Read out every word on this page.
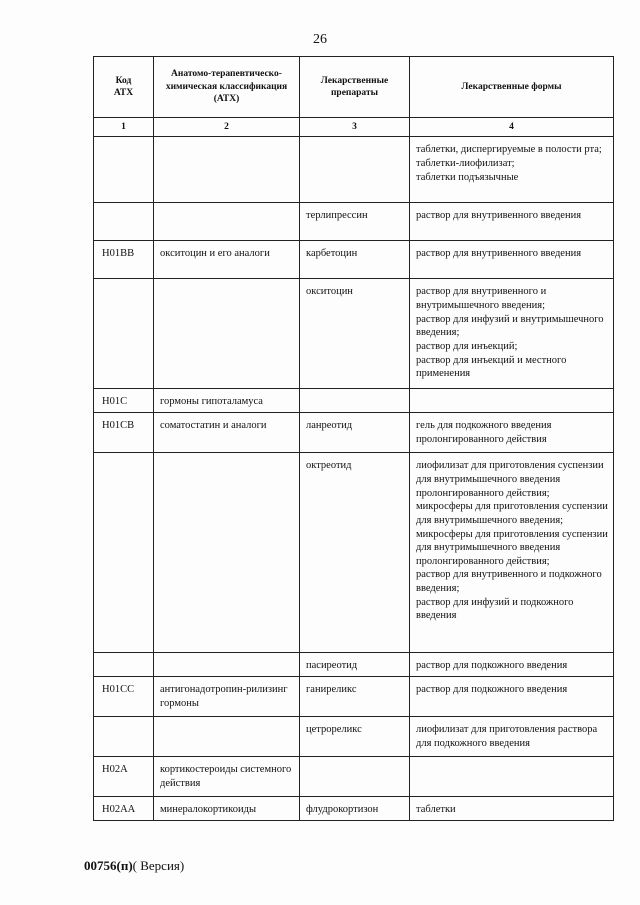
26
Код
АТХ	Анатомо-терапевтическо-химическая классификация (АТХ)	Лекарственные препараты	Лекарственные формы
1	2	3	4
			таблетки, диспергируемые в полости рта;
таблетки-лиофилизат;
таблетки подъязычные
		терлипрессин	раствор для внутривенного введения
H01BB	окситоцин и его аналоги	карбетоцин	раствор для внутривенного введения
		окситоцин	раствор для внутривенного и внутримышечного введения;
раствор для инфузий и внутримышечного введения;
раствор для инъекций;
раствор для инъекций и местного применения
H01C	гормоны гипоталамуса		
H01CB	соматостатин и аналоги	ланреотид	гель для подкожного введения пролонгированного действия
		октреотид	лиофилизат для приготовления суспензии для внутримышечного введения пролонгированного действия;
микросферы для приготовления суспензии для внутримышечного введения;
микросферы для приготовления суспензии для внутримышечного введения пролонгированного действия;
раствор для внутривенного и подкожного введения;
раствор для инфузий и подкожного введения
		пасиреотид	раствор для подкожного введения
H01CC	антигонадотропин-рилизинг гормоны	ганиреликс	раствор для подкожного введения
		цетрореликс	лиофилизат для приготовления раствора для подкожного введения
H02A	кортикостероиды системного действия		
H02AA	минералокортикоиды	флудрокортизон	таблетки
00756(п)( Версия)
